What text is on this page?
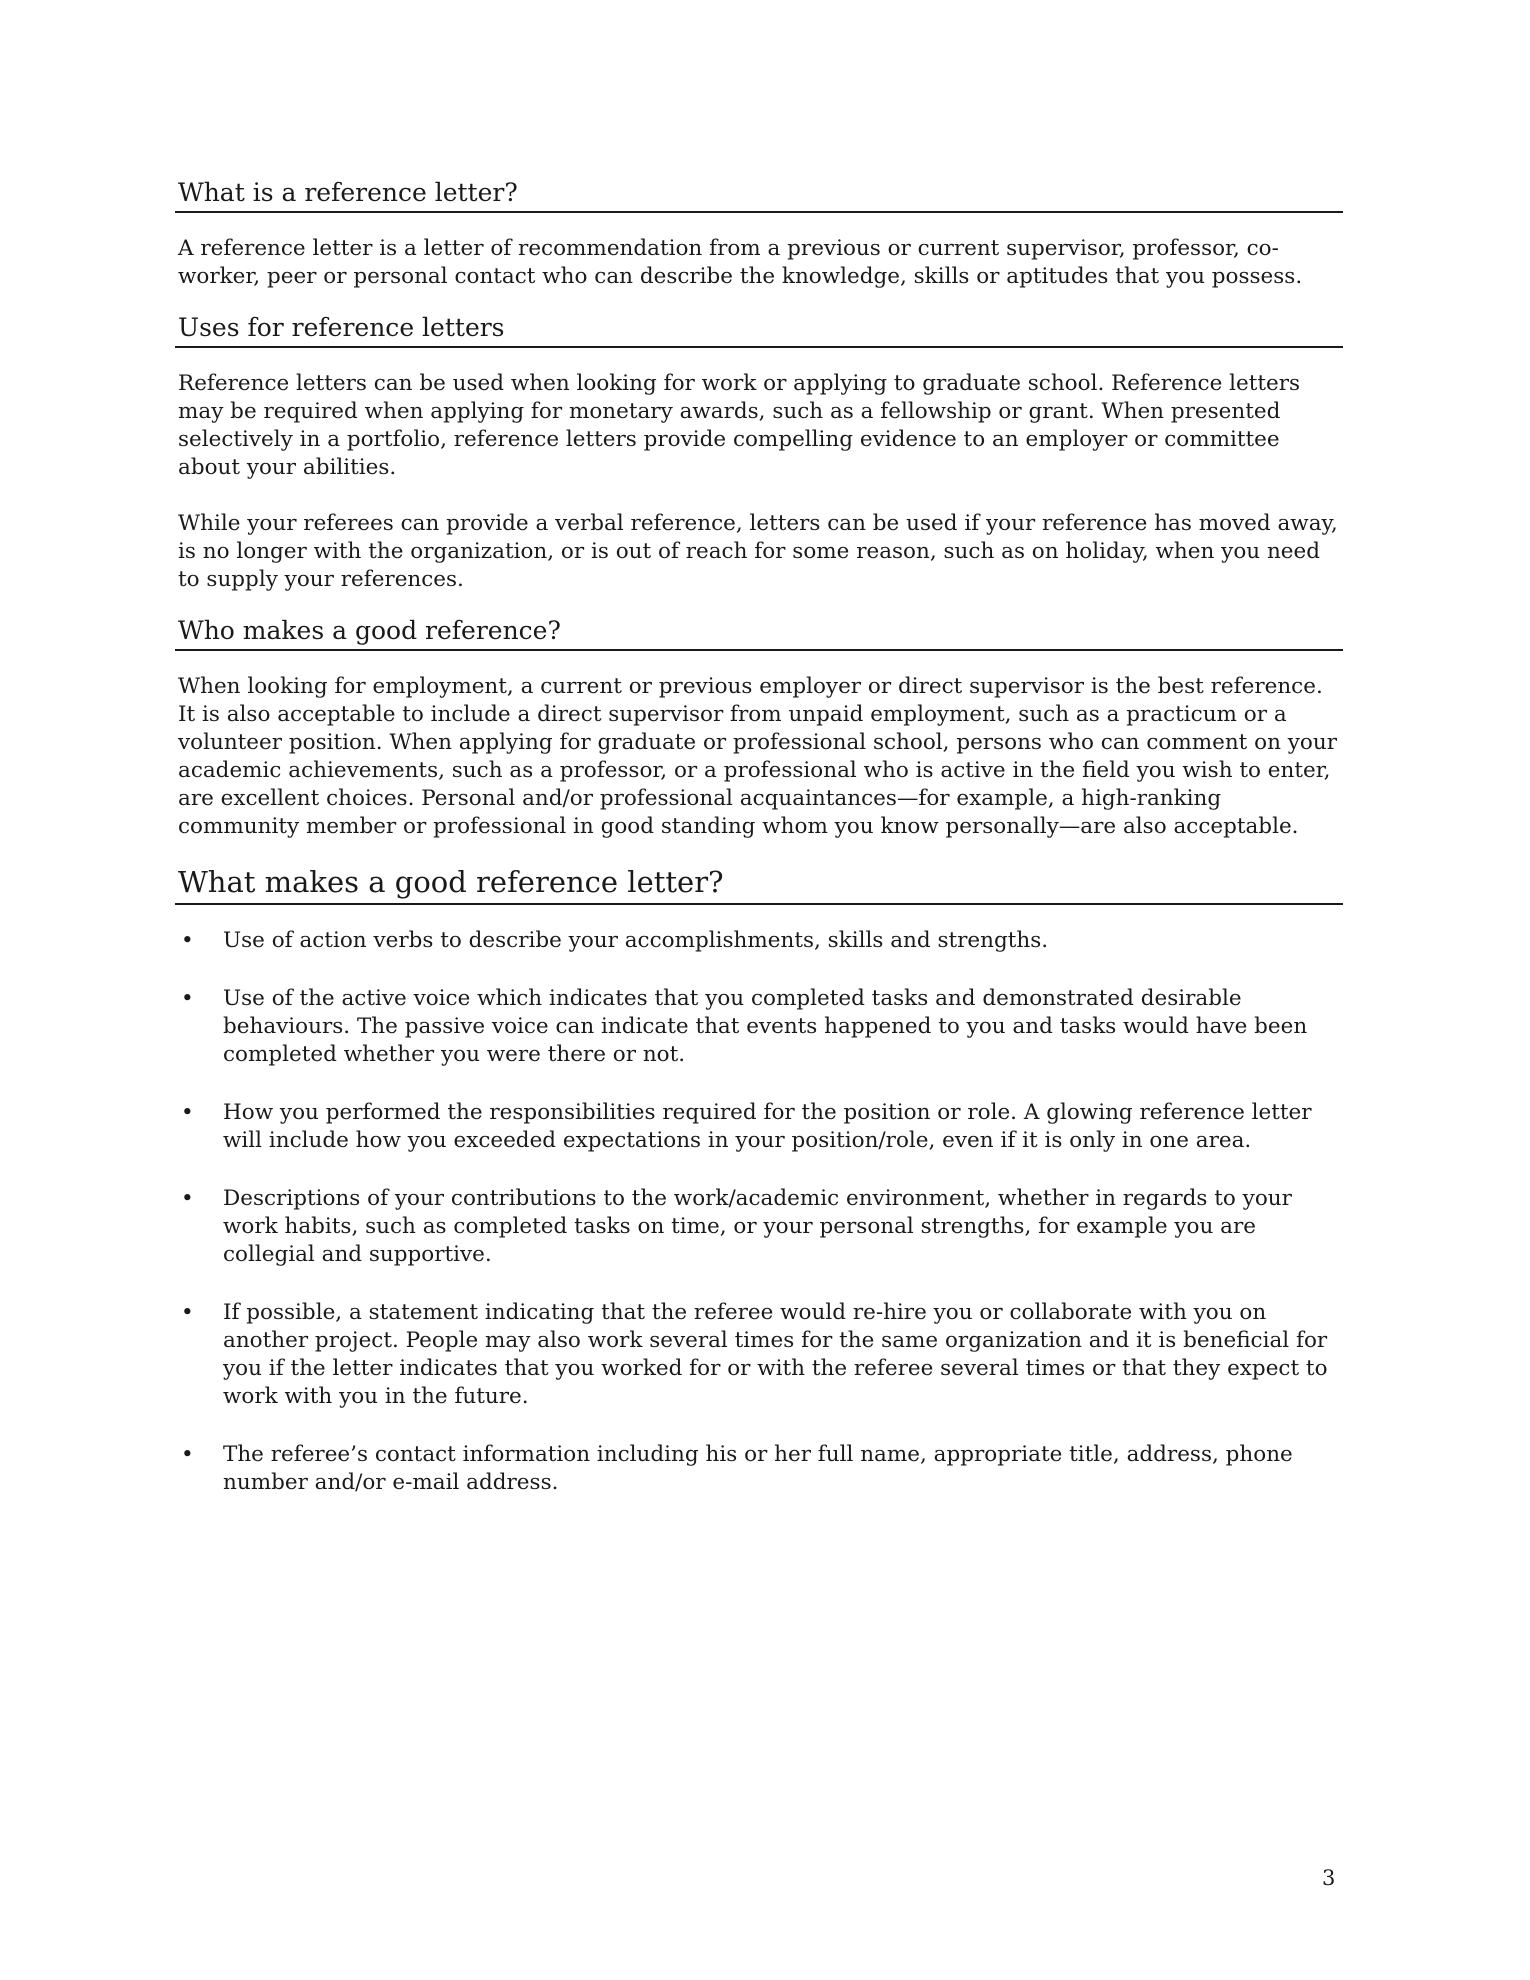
What is a reference letter?

A reference letter is a letter of recommendation from a previous or current supervisor, professor, co-worker, peer or personal contact who can describe the knowledge, skills or aptitudes that you possess.

Uses for reference letters

Reference letters can be used when looking for work or applying to graduate school. Reference letters may be required when applying for monetary awards, such as a fellowship or grant. When presented selectively in a portfolio, reference letters provide compelling evidence to an employer or committee about your abilities.

While your referees can provide a verbal reference, letters can be used if your reference has moved away, is no longer with the organization, or is out of reach for some reason, such as on holiday, when you need to supply your references.

Who makes a good reference?

When looking for employment, a current or previous employer or direct supervisor is the best reference. It is also acceptable to include a direct supervisor from unpaid employment, such as a practicum or a volunteer position. When applying for graduate or professional school, persons who can comment on your academic achievements, such as a professor, or a professional who is active in the field you wish to enter, are excellent choices. Personal and/or professional acquaintances—for example, a high-ranking community member or professional in good standing whom you know personally—are also acceptable.

What makes a good reference letter?
• Use of action verbs to describe your accomplishments, skills and strengths.
• Use of the active voice which indicates that you completed tasks and demonstrated desirable behaviours. The passive voice can indicate that events happened to you and tasks would have been completed whether you were there or not.
• How you performed the responsibilities required for the position or role. A glowing reference letter will include how you exceeded expectations in your position/role, even if it is only in one area.
• Descriptions of your contributions to the work/academic environment, whether in regards to your work habits, such as completed tasks on time, or your personal strengths, for example you are collegial and supportive.
• If possible, a statement indicating that the referee would re-hire you or collaborate with you on another project. People may also work several times for the same organization and it is beneficial for you if the letter indicates that you worked for or with the referee several times or that they expect to work with you in the future.
• The referee’s contact information including his or her full name, appropriate title, address, phone number and/or e-mail address.
3
